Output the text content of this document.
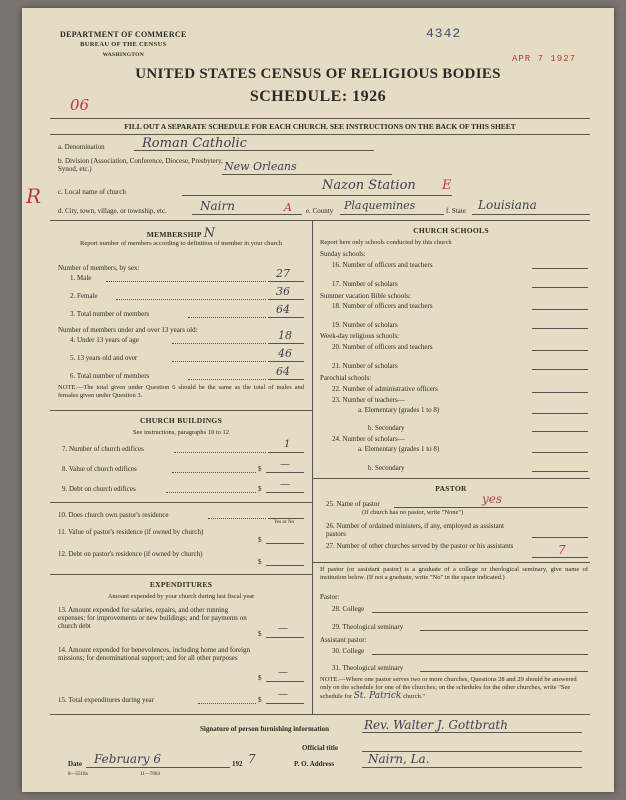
DEPARTMENT OF COMMERCE
BUREAU OF THE CENSUS
WASHINGTON
4342
APR 7 1927
UNITED STATES CENSUS OF RELIGIOUS BODIES
SCHEDULE: 1926
06
FILL OUT A SEPARATE SCHEDULE FOR EACH CHURCH. SEE INSTRUCTIONS ON THE BACK OF THIS SHEET
a. Denomination	Roman Catholic
b. Division (Association, Conference, Diocese, Presbytery, Synod, etc.)	New Orleans
R c. Local name of church	Nazon Station E
d. City, town, village, or township, etc.	Nairn	A e. County Plaquemines	f. State Louisiana
MEMBERSHIP N
Report number of members according to definition of member in your church
Number of members, by sex:
1. Male	27
2. Female	36
3. Total number of members	64
Number of members under and over 13 years old:
4. Under 13 years of age	18
5. 13 years old and over	46
6. Total number of members	64
NOTE.—The total given under Question 6 should be the same as the total of males and females given under Question 3.
CHURCH BUILDINGS
See instructions, paragraphs 10 to 12
7. Number of church edifices	1
8. Value of church edifices	$ —
9. Debt on church edifices	$ —
10. Does church own pastor's residence
Yes or No
11. Value of pastor's residence (if owned by church)
$
12. Debt on pastor's residence (if owned by church)
$
EXPENDITURES
Amount expended by your church during last fiscal year
13. Amount expended for salaries, repairs, and other running expenses; for improvements or new buildings; and for payments on church debt
$ —
14. Amount expended for benevolences, including home and foreign missions; for denominational support; and for all other purposes
$ —
15. Total expenditures during year	$ —
CHURCH SCHOOLS
Report here only schools conducted by this church
Sunday schools:
16. Number of officers and teachers
17. Number of scholars
Summer vacation Bible schools:
18. Number of officers and teachers
19. Number of scholars
Week-day religious schools:
20. Number of officers and teachers
21. Number of scholars
Parochial schools:
22. Number of administrative officers
23. Number of teachers—
a. Elementary (grades 1 to 8)
b. Secondary
24. Number of scholars—
a. Elementary (grades 1 to 8)
b. Secondary
PASTOR
25. Name of pastor	yes
(If church has no pastor, write "None")
26. Number of ordained ministers, if any, employed as assistant pastors
27. Number of other churches served by the pastor or his assistants	7
If pastor (or assistant pastor) is a graduate of a college or theological seminary, give name of institution below. (If not a graduate, write "No" in the space indicated.)
Pastor:
28. College
29. Theological seminary
Assistant pastor:
30. College
31. Theological seminary
NOTE.—Where one pastor serves two or more churches, Questions 28 and 29 should be answered only on the schedule for one of the churches; on the schedules for the other churches, write "See schedule for St. Patrick church."
Signature of person furnishing information	Rev. Walter J. Gottbrath
Official title
Date February 6	192 7	P. O. Address	Nairn, La.
8—5518a	11—7604
